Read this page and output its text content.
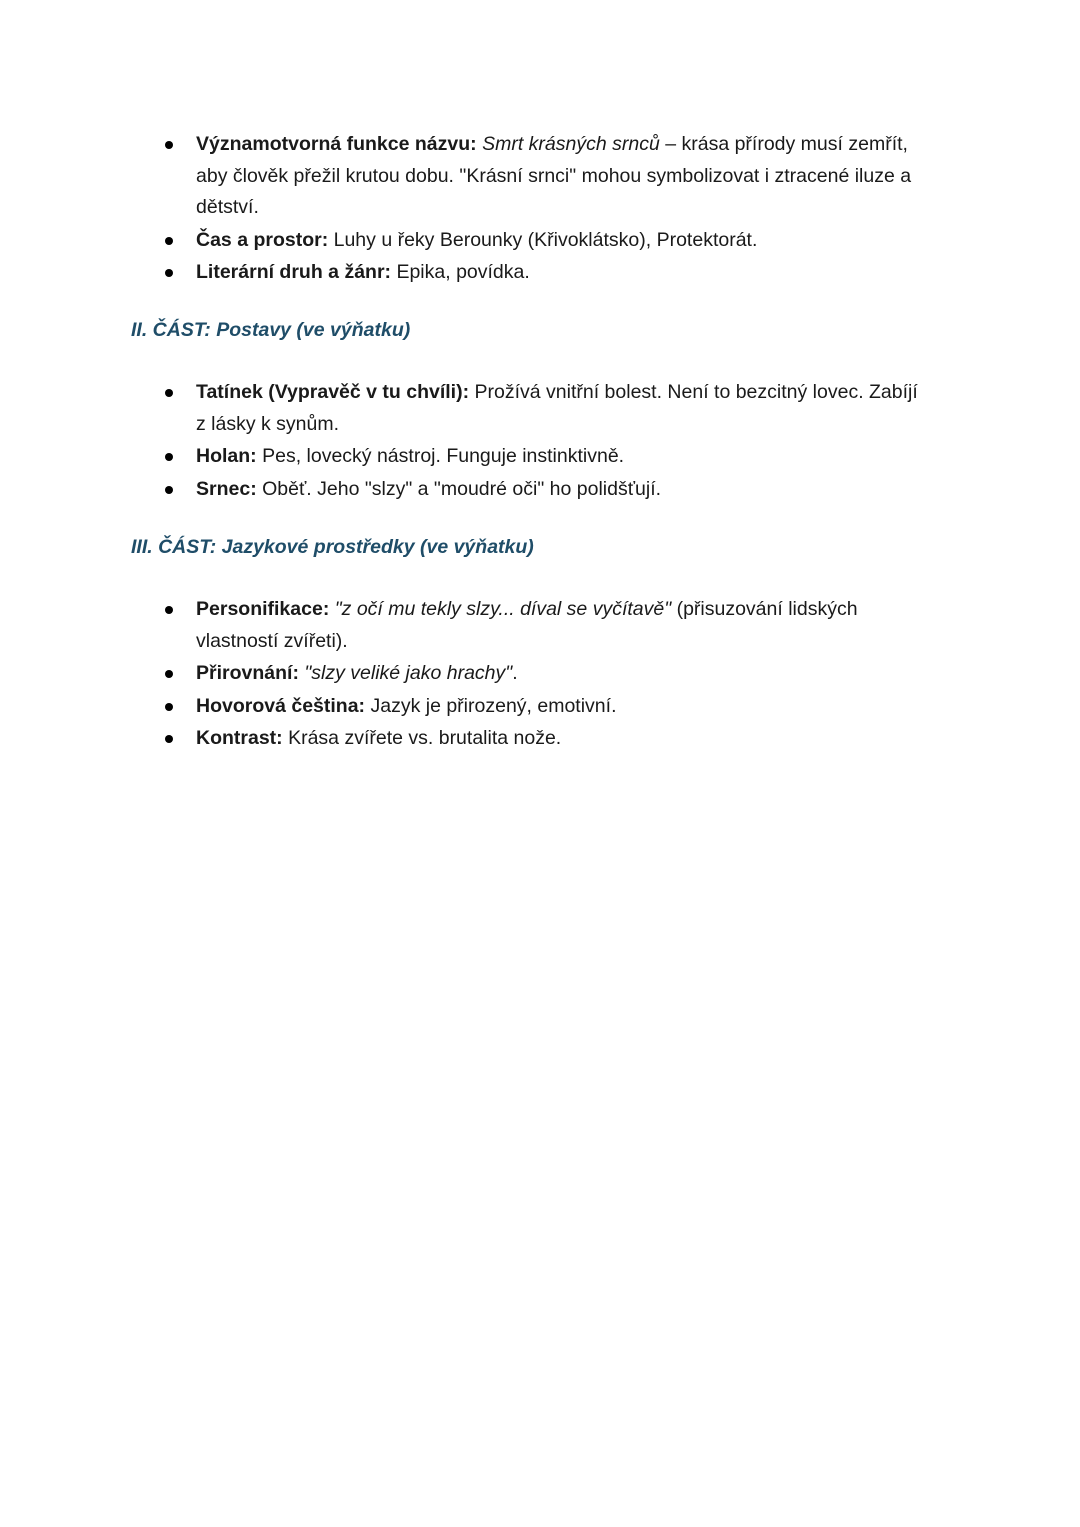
Významotvorná funkce názvu: Smrt krásných srnců – krása přírody musí zemřít, aby člověk přežil krutou dobu. "Krásní srnci" mohou symbolizovat i ztracené iluze a dětství.
Čas a prostor: Luhy u řeky Berounky (Křivoklátsko), Protektorát.
Literární druh a žánr: Epika, povídka.
II. ČÁST: Postavy (ve výňatku)
Tatínek (Vypravěč v tu chvíli): Prožívá vnitřní bolest. Není to bezcitný lovec. Zabíjí z lásky k synům.
Holan: Pes, lovecký nástroj. Funguje instinktivně.
Srnec: Oběť. Jeho "slzy" a "moudré oči" ho polidšťují.
III. ČÁST: Jazykové prostředky (ve výňatku)
Personifikace: "z očí mu tekly slzy... díval se vyčítavě" (přisuzování lidských vlastností zvířeti).
Přirovnání: "slzy veliké jako hrachy".
Hovorová čeština: Jazyk je přirozený, emotivní.
Kontrast: Krása zvířete vs. brutalita nože.
